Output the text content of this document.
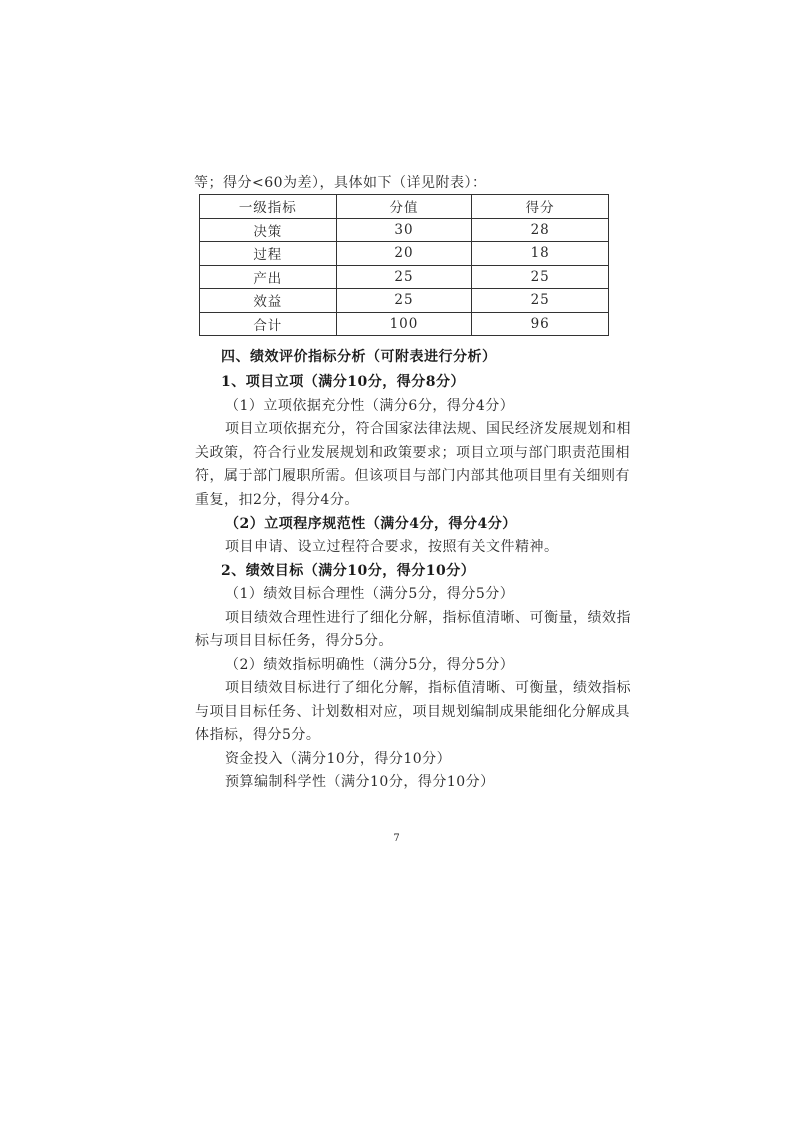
等；得分<60为差），具体如下（详见附表）：
一级指标	分值	得分
决策	30	28
过程	20	18
产出	25	25
效益	25	25
合计	100	96
四、绩效评价指标分析（可附表进行分析）
1、项目立项（满分10分，得分8分）
（1）立项依据充分性（满分6分，得分4分）
项目立项依据充分，符合国家法律法规、国民经济发展规划和相
关政策，符合行业发展规划和政策要求；项目立项与部门职责范围相
符，属于部门履职所需。但该项目与部门内部其他项目里有关细则有
重复，扣2分，得分4分。
（2）立项程序规范性（满分4分，得分4分）
项目申请、设立过程符合要求，按照有关文件精神。
2、绩效目标（满分10分，得分10分）
（1）绩效目标合理性（满分5分，得分5分）
项目绩效合理性进行了细化分解，指标值清晰、可衡量，绩效指
标与项目目标任务，得分5分。
（2）绩效指标明确性（满分5分，得分5分）
项目绩效目标进行了细化分解，指标值清晰、可衡量，绩效指标
与项目目标任务、计划数相对应，项目规划编制成果能细化分解成具
体指标，得分5分。
资金投入（满分10分，得分10分）
预算编制科学性（满分10分，得分10分）
7
